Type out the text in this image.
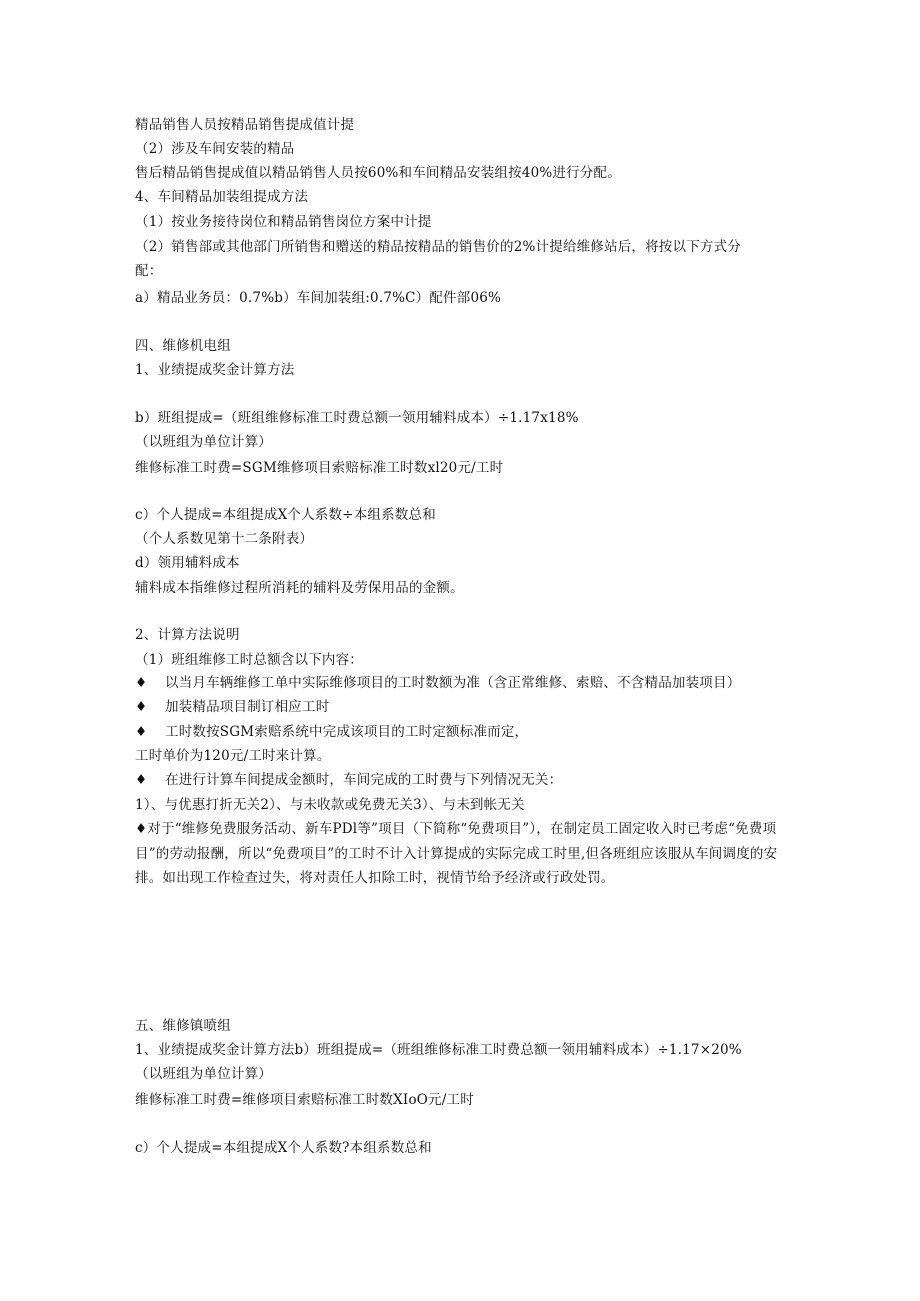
精品销售人员按精品销售提成值计提
（2）涉及车间安装的精品
售后精品销售提成值以精品销售人员按60%和车间精品安装组按40%进行分配。
4、车间精品加装组提成方法
（1）按业务接待岗位和精品销售岗位方案中计提
（2）销售部或其他部门所销售和赠送的精品按精品的销售价的2%计提给维修站后，将按以下方式分
配：
a）精品业务员：0.7%b）车间加装组:0.7%C）配件部06%
四、维修机电组
1、业绩提成奖金计算方法
b）班组提成=（班组维修标准工时费总额一领用辅料成本）÷1.17x18%
（以班组为单位计算）
维修标准工时费=SGM维修项目索赔标准工时数xl20元/工时
c）个人提成=本组提成X个人系数÷本组系数总和
（个人系数见第十二条附表）
d）领用辅料成本
辅料成本指维修过程所消耗的辅料及劳保用品的金额。
2、计算方法说明
（1）班组维修工时总额含以下内容：
♦ 以当月车辆维修工单中实际维修项目的工时数额为准（含正常维修、索赔、不含精品加装项目）
♦ 加装精品项目制订相应工时
♦ 工时数按SGM索赔系统中完成该项目的工时定额标准而定，
工时单价为120元/工时来计算。
♦ 在进行计算车间提成金额时，车间完成的工时费与下列情况无关：
1）、与优惠打折无关2）、与未收款或免费无关3）、与未到帐无关
♦对于“维修免费服务活动、新车PDl等”项目（下简称“免费项目”），在制定员工固定收入时已考虑“免费项目”的劳动报酬，所以“免费项目”的工时不计入计算提成的实际完成工时里,但各班组应该服从车间调度的安排。如出现工作检查过失，将对责任人扣除工时，视情节给予经济或行政处罚。
五、维修镇喷组
1、业绩提成奖金计算方法b）班组提成=（班组维修标准工时费总额一领用辅料成本）÷1.17×20%
（以班组为单位计算）
维修标准工时费=维修项目索赔标准工时数XIoO元/工时
c）个人提成=本组提成X个人系数?本组系数总和
